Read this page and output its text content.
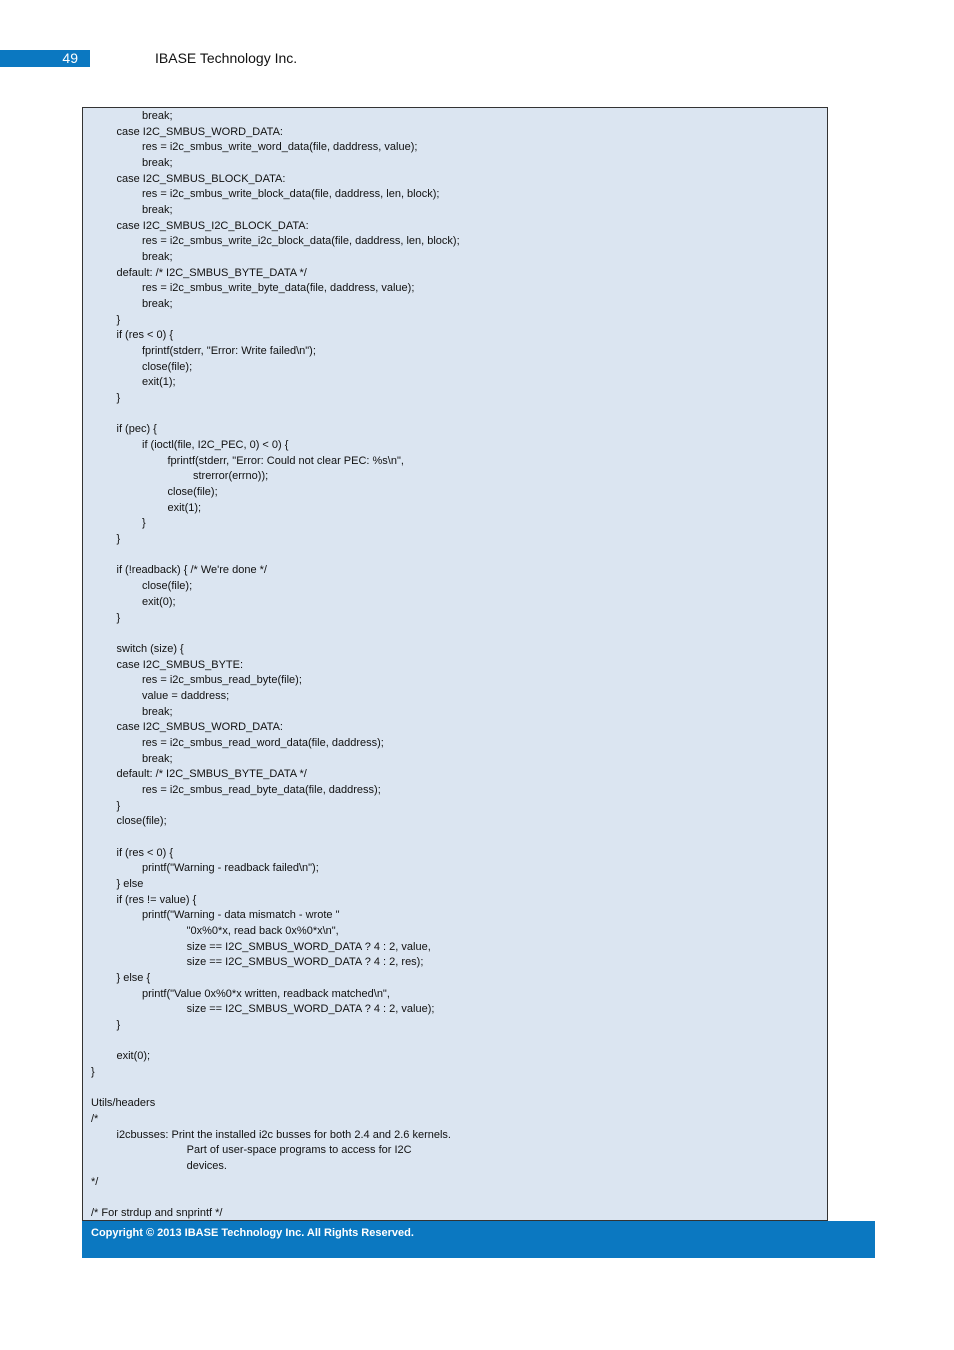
49	IBASE Technology Inc.
break;
case I2C_SMBUS_WORD_DATA:
res = i2c_smbus_write_word_data(file, daddress, value);
break;
case I2C_SMBUS_BLOCK_DATA:
res = i2c_smbus_write_block_data(file, daddress, len, block);
break;
case I2C_SMBUS_I2C_BLOCK_DATA:
res = i2c_smbus_write_i2c_block_data(file, daddress, len, block);
break;
default: /* I2C_SMBUS_BYTE_DATA */
res = i2c_smbus_write_byte_data(file, daddress, value);
break;
}
if (res < 0) {
fprintf(stderr, "Error: Write failed\n");
close(file);
exit(1);
}
if (pec) {
if (ioctl(file, I2C_PEC, 0) < 0) {
fprintf(stderr, "Error: Could not clear PEC: %s\n",
strerror(errno));
close(file);
exit(1);
}
}
if (!readback) { /* We're done */
close(file);
exit(0);
}
switch (size) {
case I2C_SMBUS_BYTE:
res = i2c_smbus_read_byte(file);
value = daddress;
break;
case I2C_SMBUS_WORD_DATA:
res = i2c_smbus_read_word_data(file, daddress);
break;
default: /* I2C_SMBUS_BYTE_DATA */
res = i2c_smbus_read_byte_data(file, daddress);
}
close(file);
if (res < 0) {
printf("Warning - readback failed\n");
} else
if (res != value) {
printf("Warning - data mismatch - wrote "
"0x%0*x, read back 0x%0*x\n",
size == I2C_SMBUS_WORD_DATA ? 4 : 2, value,
size == I2C_SMBUS_WORD_DATA ? 4 : 2, res);
} else {
printf("Value 0x%0*x written, readback matched\n",
size == I2C_SMBUS_WORD_DATA ? 4 : 2, value);
}
exit(0);
}
Utils/headers
/*
i2cbusses: Print the installed i2c busses for both 2.4 and 2.6 kernels.
Part of user-space programs to access for I2C
devices.
*/
/* For strdup and snprintf */
Copyright © 2013 IBASE Technology Inc. All Rights Reserved.
